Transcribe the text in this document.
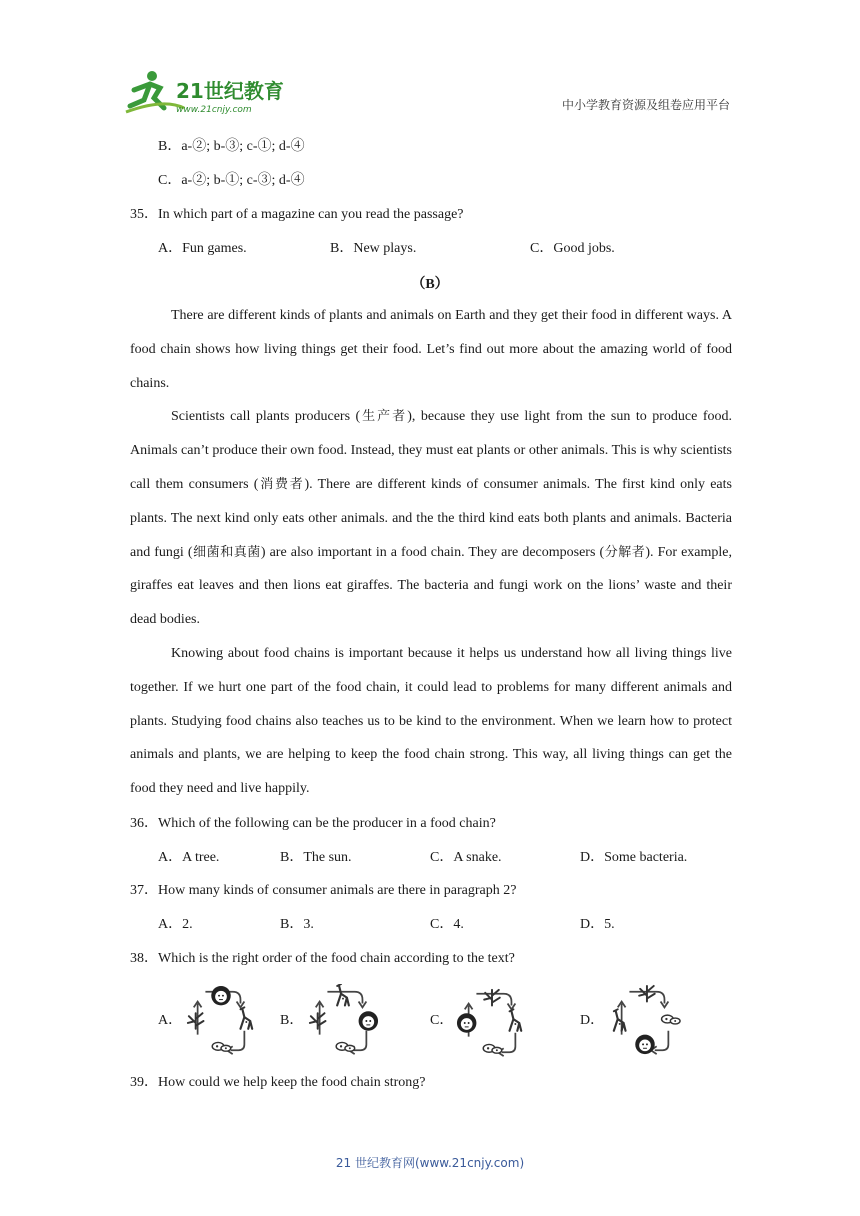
21世纪教育
www.21cnjy.com	中小学教育资源及组卷应用平台
B．a-②; b-③; c-①; d-④
C．a-②; b-①; c-③; d-④
35．In which part of a magazine can you read the passage?
A．Fun games.	B．New plays.	C．Good jobs.
（B）

There are different kinds of plants and animals on Earth and they get their food in different ways. A food chain shows how living things get their food. Let’s find out more about the amazing world of food chains.

Scientists call plants producers (生产者), because they use light from the sun to produce food. Animals can’t produce their own food. Instead, they must eat plants or other animals. This is why scientists call them consumers (消费者). There are different kinds of consumer animals. The first kind only eats plants. The next kind only eats other animals. and the the third kind eats both plants and animals. Bacteria and fungi (细菌和真菌) are also important in a food chain. They are decomposers (分解者). For example, giraffes eat leaves and then lions eat giraffes. The bacteria and fungi work on the lions’ waste and their dead bodies.

Knowing about food chains is important because it helps us understand how all living things live together. If we hurt one part of the food chain, it could lead to problems for many different animals and plants. Studying food chains also teaches us to be kind to the environment. When we learn how to protect animals and plants, we are helping to keep the food chain strong. This way, all living things can get the food they need and live happily.

36．Which of the following can be the producer in a food chain?
A．A tree.	B．The sun.	C．A snake.	D．Some bacteria.
37．How many kinds of consumer animals are there in paragraph 2?
A．2.	B．3.	C．4.	D．5.
38．Which is the right order of the food chain according to the text?
A．	B．	C．	D．
39．How could we help keep the food chain strong?
21 世纪教育网(www.21cnjy.com)
